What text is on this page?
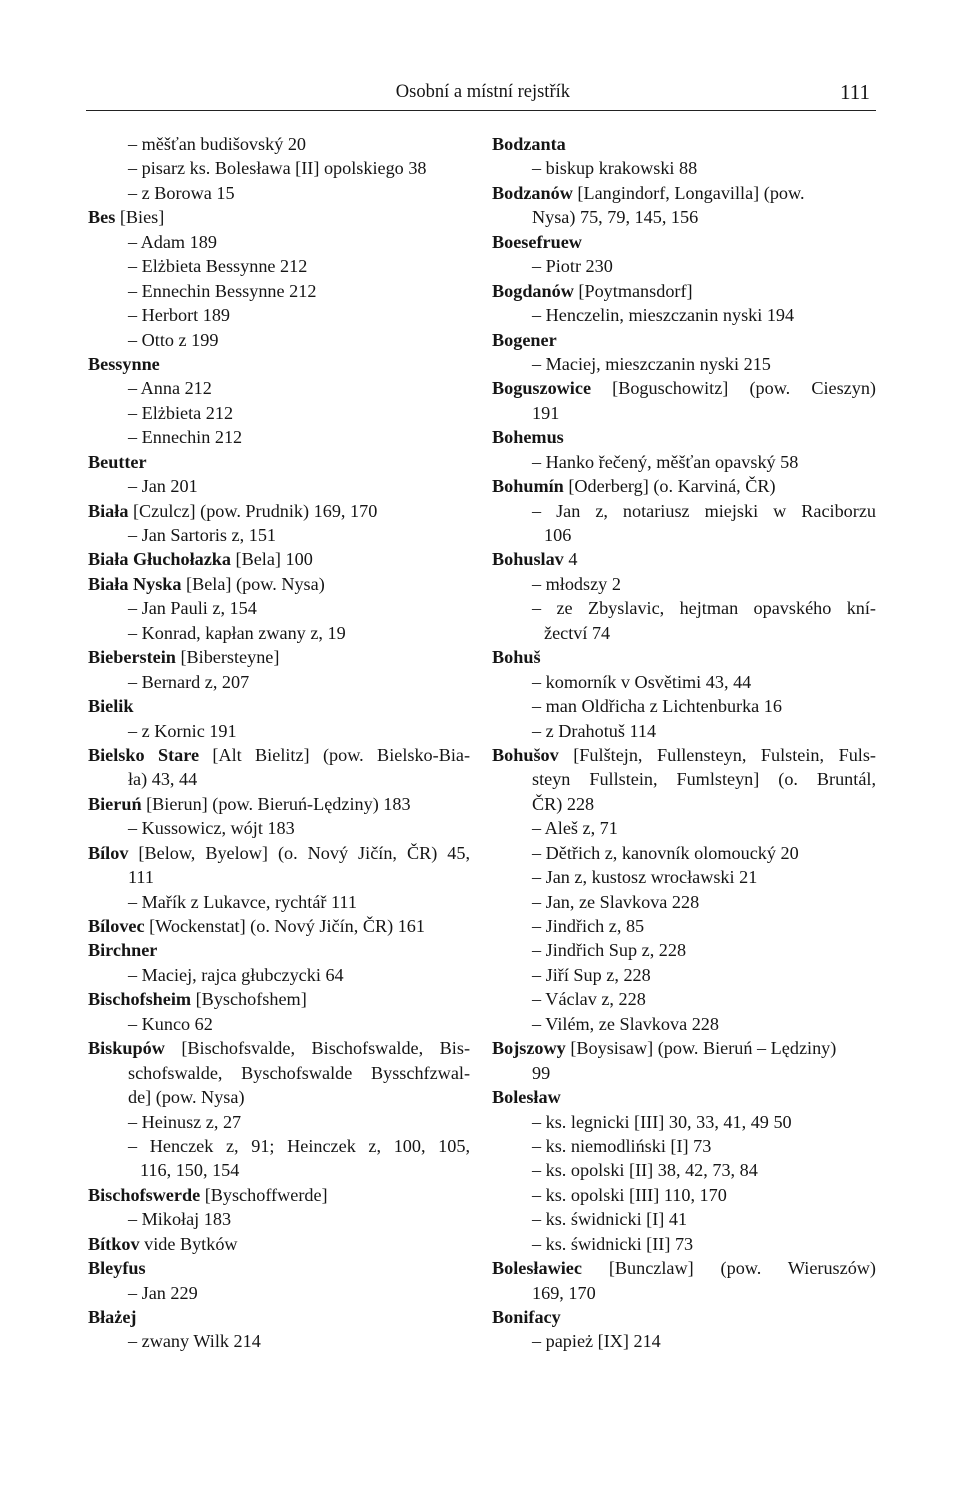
Osobní a místní rejstřík	111
– měšťan budišovský 20
– pisarz ks. Bolesława [II] opolskiego 38
– z Borowa 15
Bes [Bies]
– Adam 189
– Elżbieta Bessynne 212
– Ennechin Bessynne 212
– Herbort 189
– Otto z 199
Bessynne
– Anna 212
– Elżbieta 212
– Ennechin 212
Beutter
– Jan 201
Biała [Czulcz] (pow. Prudnik) 169, 170
– Jan Sartoris z, 151
Biała Głuchołazka [Bela] 100
Biała Nyska [Bela] (pow. Nysa)
– Jan Pauli z, 154
– Konrad, kapłan zwany z, 19
Bieberstein [Bibersteyne]
– Bernard z, 207
Bielik
– z Kornic 191
Bielsko Stare [Alt Bielitz] (pow. Bielsko-Bia-
ła) 43, 44
Bieruń [Bierun] (pow. Bieruń-Lędziny) 183
– Kussowicz, wójt 183
Bílov [Below, Byelow] (o. Nový Jičín, ČR) 45,
111
– Mařík z Lukavce, rychtář 111
Bílovec [Wockenstat] (o. Nový Jičín, ČR) 161
Birchner
– Maciej, rajca głubczycki 64
Bischofsheim [Byschofshem]
– Kunco 62
Biskupów [Bischofsvalde, Bischofswalde, Bis-
schofswalde, Byschofswalde Bysschfzwal-
de] (pow. Nysa)
– Heinusz z, 27
– Henczek z, 91; Heinczek z, 100, 105,
116, 150, 154
Bischofswerde [Byschoffwerde]
– Mikołaj 183
Bítkov vide Bytków
Bleyfus
– Jan 229
Błażej
– zwany Wilk 214
Bodzanta
– biskup krakowski 88
Bodzanów [Langindorf, Longavilla] (pow.
Nysa) 75, 79, 145, 156
Boesefruew
– Piotr 230
Bogdanów [Poytmansdorf]
– Henczelin, mieszczanin nyski 194
Bogener
– Maciej, mieszczanin nyski 215
Boguszowice [Boguschowitz] (pow. Cieszyn)
191
Bohemus
– Hanko řečený, měšťan opavský 58
Bohumín [Oderberg] (o. Karviná, ČR)
– Jan z, notariusz miejski w Raciborzu
106
Bohuslav 4
– młodszy 2
– ze Zbyslavic, hejtman opavského kní-
žectví 74
Bohuš
– komorník v Osvětimi 43, 44
– man Oldřicha z Lichtenburka 16
– z Drahotuš 114
Bohušov [Fulštejn, Fullensteyn, Fulstein, Fuls-
steyn Fullstein, Fumlsteyn] (o. Bruntál,
ČR) 228
– Aleš z, 71
– Dětřich z, kanovník olomoucký 20
– Jan z, kustosz wrocławski 21
– Jan, ze Slavkova 228
– Jindřich z, 85
– Jindřich Sup z, 228
– Jiří Sup z, 228
– Václav z, 228
– Vilém, ze Slavkova 228
Bojszowy [Boysisaw] (pow. Bieruń – Lędziny)
99
Bolesław
– ks. legnicki [III] 30, 33, 41, 49 50
– ks. niemodliński [I] 73
– ks. opolski [II] 38, 42, 73, 84
– ks. opolski [III] 110, 170
– ks. świdnicki [I] 41
– ks. świdnicki [II] 73
Bolesławiec [Bunczlaw] (pow. Wieruszów)
169, 170
Bonifacy
– papież [IX] 214
